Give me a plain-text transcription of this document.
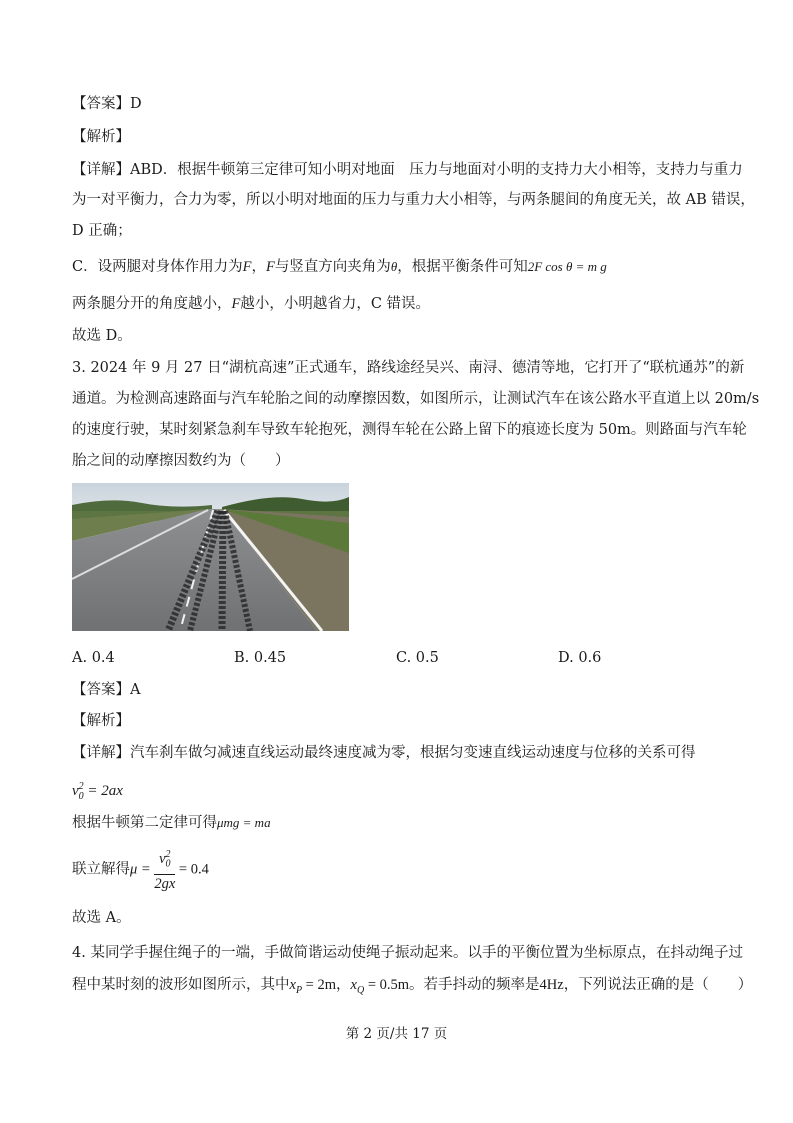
【答案】D
【解析】
【详解】ABD．根据牛顿第三定律可知小明对地面　压力与地面对小明的支持力大小相等，支持力与重力
为一对平衡力，合力为零，所以小明对地面的压力与重力大小相等，与两条腿间的角度无关，故 AB 错误，
D 正确；
C．设两腿对身体作用力为F，F与竖直方向夹角为θ，根据平衡条件可知2F cos θ = m g
两条腿分开的角度越小，F越小，小明越省力，C 错误。
故选 D。
3. 2024 年 9 月 27 日“湖杭高速”正式通车，路线途经吴兴、南浔、德清等地，它打开了“联杭通苏”的新
通道。为检测高速路面与汽车轮胎之间的动摩擦因数，如图所示，让测试汽车在该公路水平直道上以 20m/s
的速度行驶，某时刻紧急刹车导致车轮抱死，测得车轮在公路上留下的痕迹长度为 50m。则路面与汽车轮
胎之间的动摩擦因数约为（　　）
A. 0.4	B. 0.45	C. 0.5	D. 0.6
【答案】A
【解析】
【详解】汽车刹车做匀减速直线运动最终速度减为零，根据匀变速直线运动速度与位移的关系可得
$v_0^2 = 2ax$
根据牛顿第二定律可得μmg = ma
联立解得$\mu = \frac{v_0^2}{2gx} = 0.4$
故选 A。
4. 某同学手握住绳子的一端，手做简谐运动使绳子振动起来。以手的平衡位置为坐标原点，在抖动绳子过
程中某时刻的波形如图所示，其中$x_P = 2m$，$x_Q = 0.5m$。若手抖动的频率是4Hz，下列说法正确的是（　　）
第 2 页/共 17 页
